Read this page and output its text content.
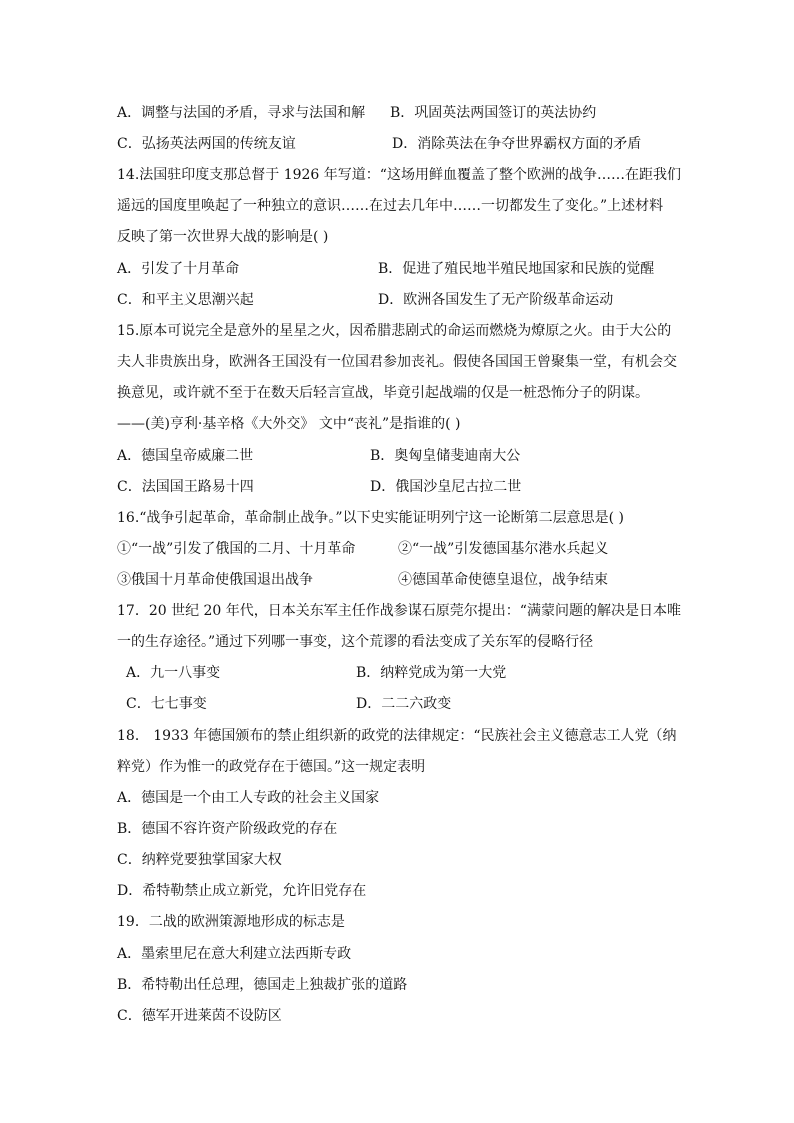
A．调整与法国的矛盾，寻求与法国和解 B．巩固英法两国签订的英法协约
C．弘扬英法两国的传统友谊	D．消除英法在争夺世界霸权方面的矛盾
14.法国驻印度支那总督于 1926 年写道：“这场用鲜血覆盖了整个欧洲的战争……在距我们
遥远的国度里唤起了一种独立的意识……在过去几年中……一切都发生了变化。”上述材料
反映了第一次世界大战的影响是( )
A．引发了十月革命	B．促进了殖民地半殖民地国家和民族的觉醒
C．和平主义思潮兴起	D．欧洲各国发生了无产阶级革命运动
15.原本可说完全是意外的星星之火，因希腊悲剧式的命运而燃烧为燎原之火。由于大公的
夫人非贵族出身，欧洲各王国没有一位国君参加丧礼。假使各国国王曾聚集一堂，有机会交
换意见，或许就不至于在数天后轻言宣战，毕竟引起战端的仅是一桩恐怖分子的阴谋。
——(美)亨利·基辛格《大外交》 文中“丧礼”是指谁的( )
A．德国皇帝威廉二世	B．奥匈皇储斐迪南大公
C．法国国王路易十四	D．俄国沙皇尼古拉二世
16.“战争引起革命，革命制止战争。”以下史实能证明列宁这一论断第二层意思是( )
①“一战”引发了俄国的二月、十月革命	②“一战”引发德国基尔港水兵起义
③俄国十月革命使俄国退出战争	④德国革命使德皇退位，战争结束
17．20 世纪 20 年代，日本关东军主任作战参谋石原莞尔提出：“满蒙问题的解决是日本唯
一的生存途径。”通过下列哪一事变，这个荒谬的看法变成了关东军的侵略行径
A．九一八事变	B．纳粹党成为第一大党
C．七七事变	D．二二六政变
18． 1933 年德国颁布的禁止组织新的政党的法律规定：“民族社会主义德意志工人党（纳
粹党）作为惟一的政党存在于德国。”这一规定表明
A．德国是一个由工人专政的社会主义国家
B．德国不容许资产阶级政党的存在
C．纳粹党要独掌国家大权
D．希特勒禁止成立新党，允许旧党存在
19．二战的欧洲策源地形成的标志是
A．墨索里尼在意大利建立法西斯专政
B．希特勒出任总理，德国走上独裁扩张的道路
C．德军开进莱茵不设防区
